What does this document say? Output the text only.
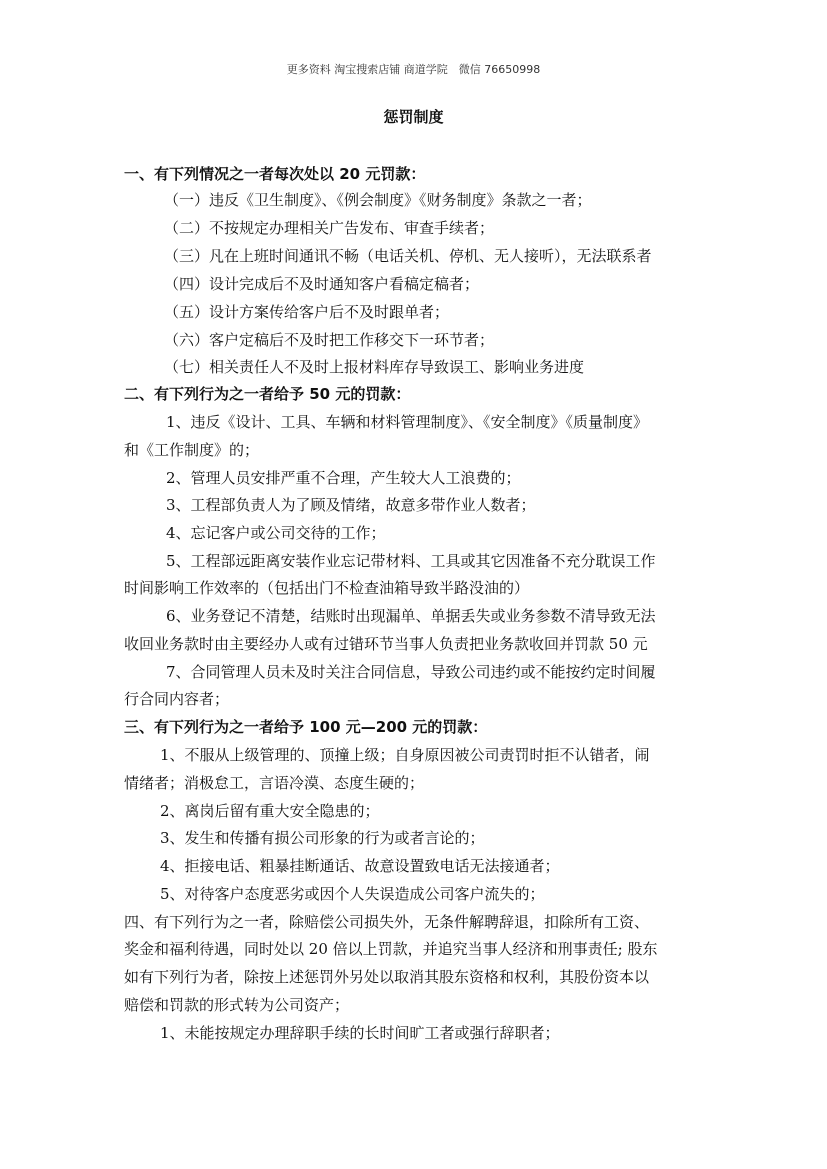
更多资料 淘宝搜索店铺 商道学院　微信 76650998
惩罚制度
一、有下列情况之一者每次处以 20 元罚款：
（一）违反《卫生制度》、《例会制度》《财务制度》条款之一者；
（二）不按规定办理相关广告发布、审查手续者；
（三）凡在上班时间通讯不畅（电话关机、停机、无人接听），无法联系者
（四）设计完成后不及时通知客户看稿定稿者；
（五）设计方案传给客户后不及时跟单者；
（六）客户定稿后不及时把工作移交下一环节者；
（七）相关责任人不及时上报材料库存导致误工、影响业务进度
二、有下列行为之一者给予 50 元的罚款：
1、违反《设计、工具、车辆和材料管理制度》、《安全制度》《质量制度》
和《工作制度》的；
2、管理人员安排严重不合理，产生较大人工浪费的；
3、工程部负责人为了顾及情绪，故意多带作业人数者；
4、忘记客户或公司交待的工作；
5、工程部远距离安装作业忘记带材料、工具或其它因准备不充分耽误工作
时间影响工作效率的（包括出门不检查油箱导致半路没油的）
6、业务登记不清楚，结账时出现漏单、单据丢失或业务参数不清导致无法
收回业务款时由主要经办人或有过错环节当事人负责把业务款收回并罚款 50 元
7、合同管理人员未及时关注合同信息，导致公司违约或不能按约定时间履
行合同内容者；
三、有下列行为之一者给予 100 元—200 元的罚款：
1、不服从上级管理的、顶撞上级；自身原因被公司责罚时拒不认错者，闹
情绪者；消极怠工，言语冷漠、态度生硬的；
2、离岗后留有重大安全隐患的；
3、发生和传播有损公司形象的行为或者言论的；
4、拒接电话、粗暴挂断通话、故意设置致电话无法接通者；
5、对待客户态度恶劣或因个人失误造成公司客户流失的；
四、有下列行为之一者，除赔偿公司损失外，无条件解聘辞退，扣除所有工资、
奖金和福利待遇，同时处以 20 倍以上罚款，并追究当事人经济和刑事责任; 股东
如有下列行为者，除按上述惩罚外另处以取消其股东资格和权利，其股份资本以
赔偿和罚款的形式转为公司资产；
1、未能按规定办理辞职手续的长时间旷工者或强行辞职者；
